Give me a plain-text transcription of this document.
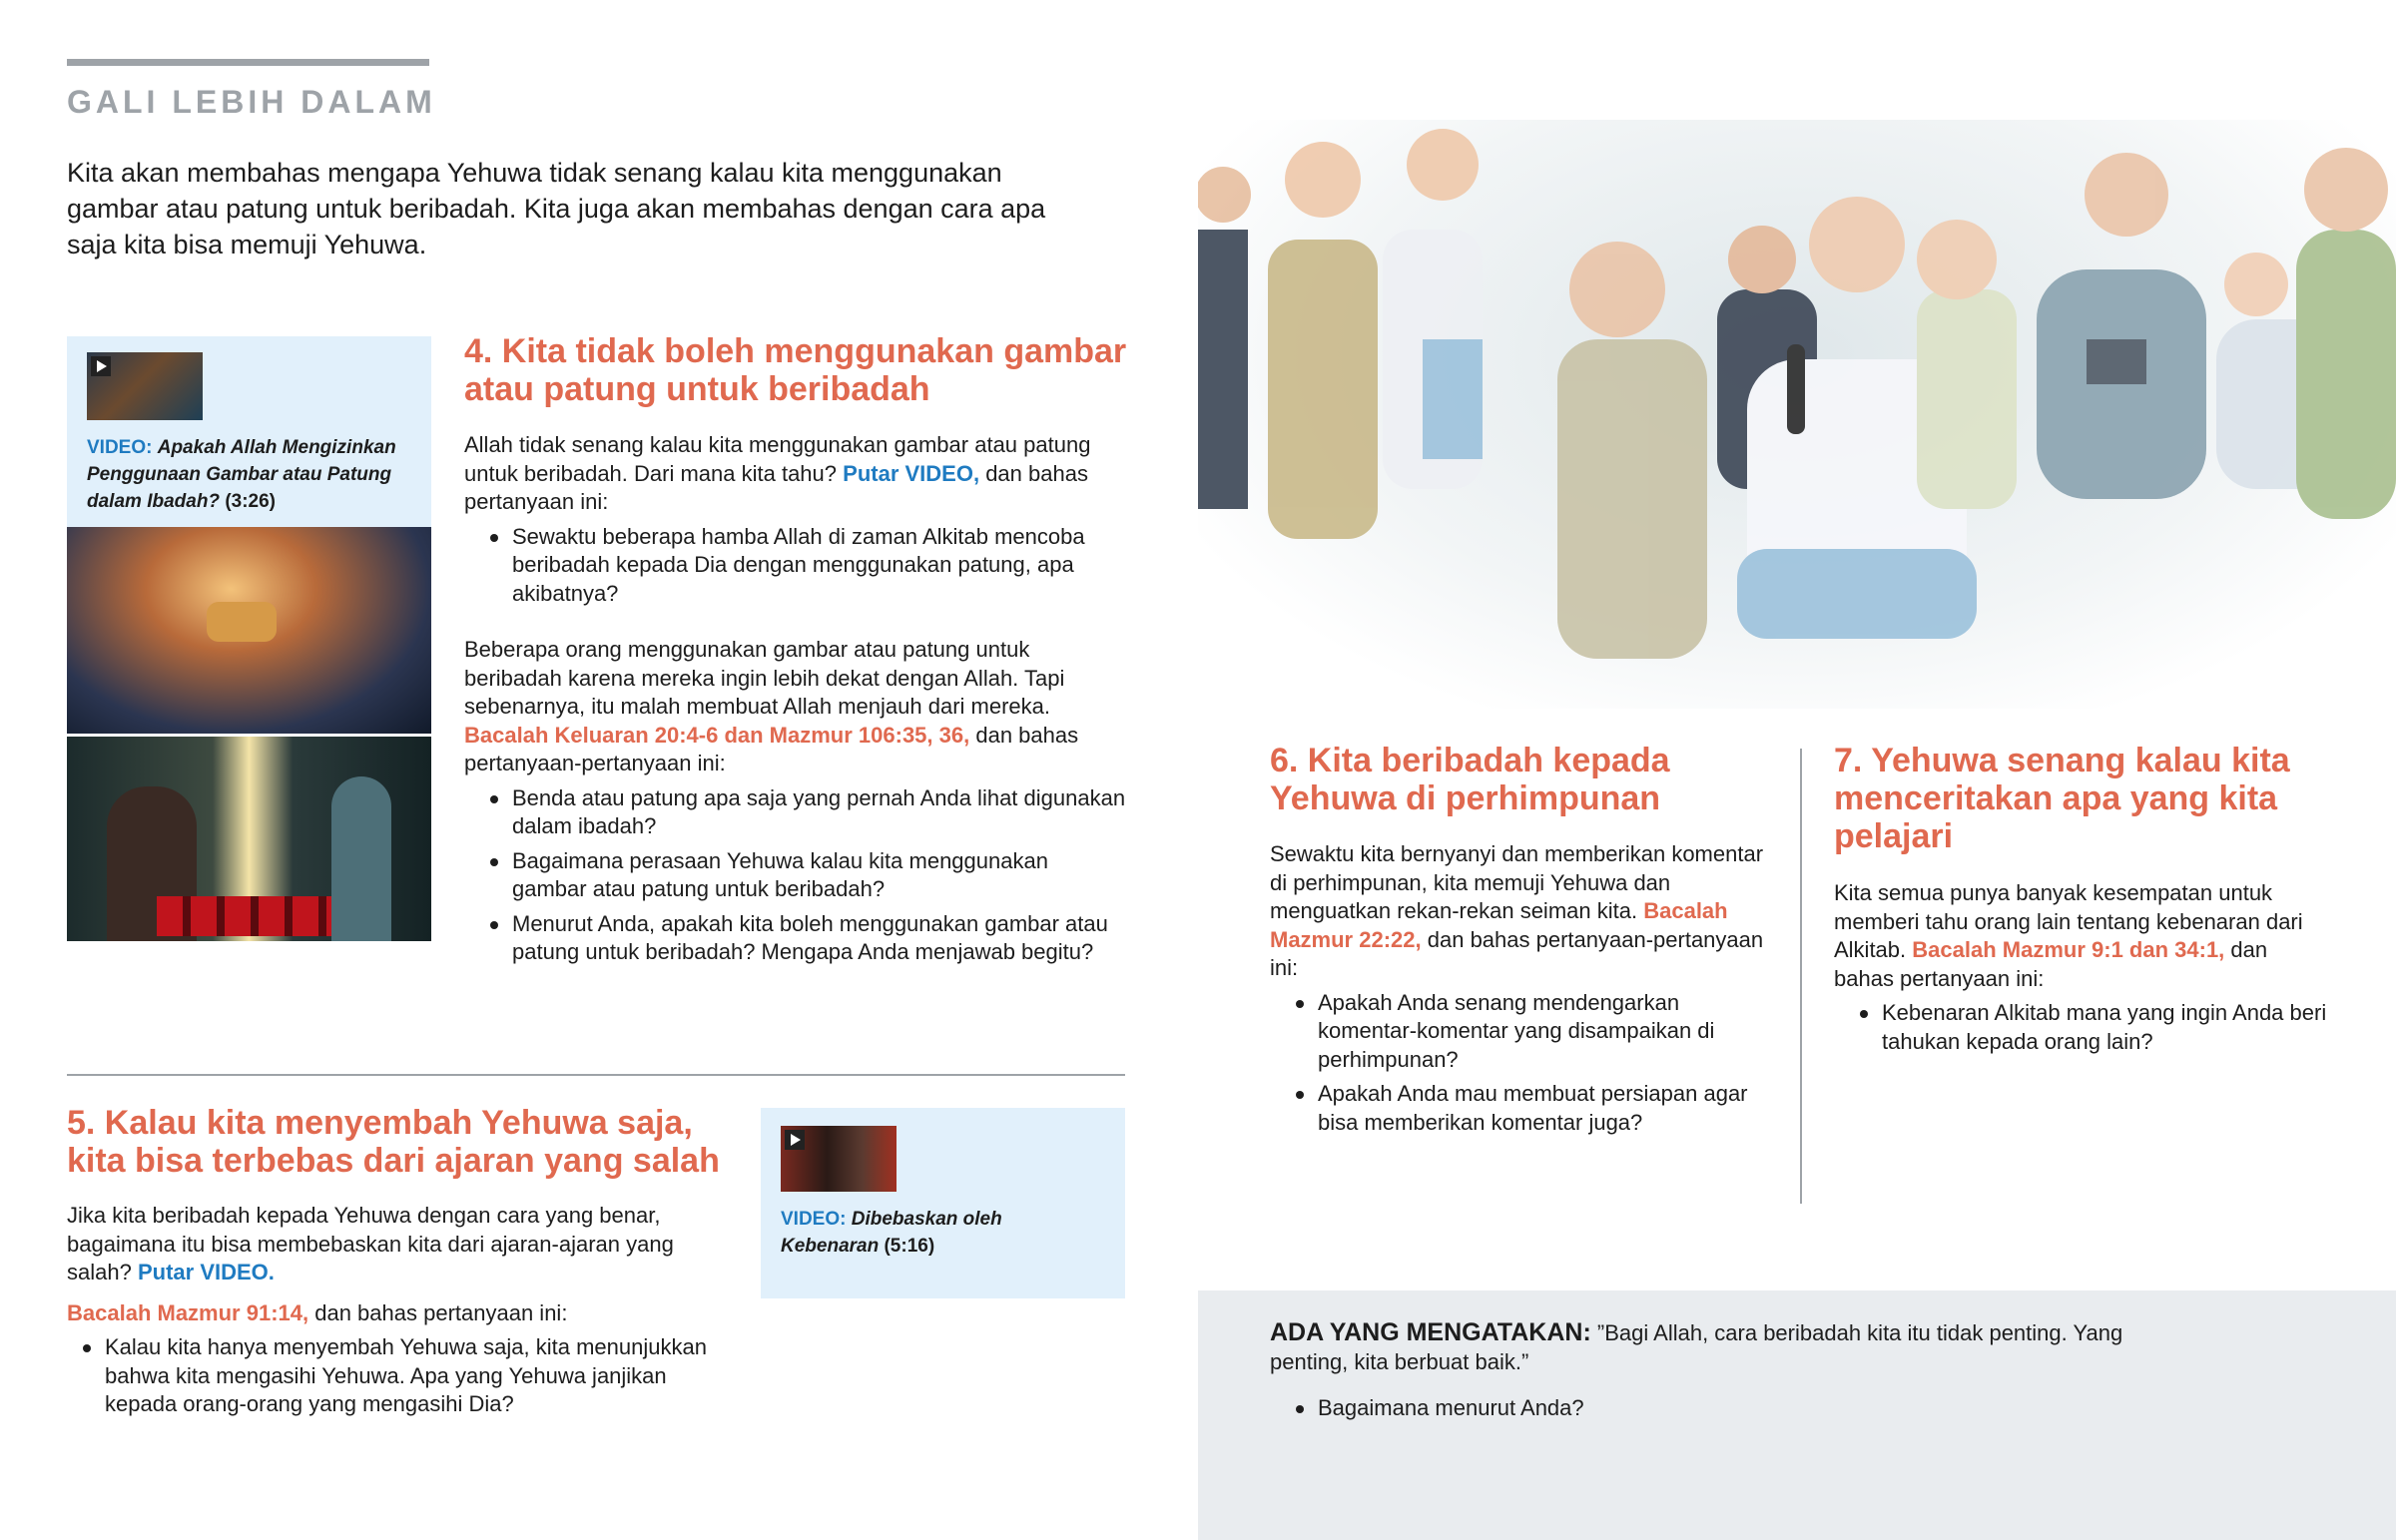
GALI LEBIH DALAM

Kita akan membahas mengapa Yehuwa tidak senang kalau kita menggunakan gambar atau patung untuk beribadah. Kita juga akan membahas dengan cara apa saja kita bisa memuji Yehuwa.

VIDEO: Apakah Allah Mengizinkan Penggunaan Gambar atau Patung dalam Ibadah? (3:26)

4. Kita tidak boleh menggunakan gambar atau patung untuk beribadah

Allah tidak senang kalau kita menggunakan gambar atau patung untuk beribadah. Dari mana kita tahu? Putar VIDEO, dan bahas pertanyaan ini:

Sewaktu beberapa hamba Allah di zaman Alkitab mencoba beribadah kepada Dia dengan menggunakan patung, apa akibatnya?

Beberapa orang menggunakan gambar atau patung untuk beribadah karena mereka ingin lebih dekat dengan Allah. Tapi sebenarnya, itu malah membuat Allah menjauh dari mereka. Bacalah Keluaran 20:4-6 dan Mazmur 106:35, 36, dan bahas pertanyaan-pertanyaan ini:

Benda atau patung apa saja yang pernah Anda lihat digunakan dalam ibadah?
Bagaimana perasaan Yehuwa kalau kita menggunakan gambar atau patung untuk beribadah?
Menurut Anda, apakah kita boleh menggunakan gambar atau patung untuk beribadah? Mengapa Anda menjawab begitu?
5. Kalau kita menyembah Yehuwa saja, kita bisa terbebas dari ajaran yang salah

Jika kita beribadah kepada Yehuwa dengan cara yang benar, bagaimana itu bisa membebaskan kita dari ajaran-ajaran yang salah? Putar VIDEO.

Bacalah Mazmur 91:14, dan bahas pertanyaan ini:

Kalau kita hanya menyembah Yehuwa saja, kita menunjukkan bahwa kita mengasihi Yehuwa. Apa yang Yehuwa janjikan kepada orang-orang yang mengasihi Dia?

VIDEO: Dibebaskan oleh Kebenaran (5:16)

6. Kita beribadah kepada Yehuwa di perhimpunan

Sewaktu kita bernyanyi dan memberikan komentar di perhimpunan, kita memuji Yehuwa dan menguatkan rekan-rekan seiman kita. Bacalah Mazmur 22:22, dan bahas pertanyaan-pertanyaan ini:

Apakah Anda senang mendengarkan komentar-komentar yang disampaikan di perhimpunan?
Apakah Anda mau membuat persiapan agar bisa memberikan komentar juga?
7. Yehuwa senang kalau kita menceritakan apa yang kita pelajari

Kita semua punya banyak kesempatan untuk memberi tahu orang lain tentang kebenaran dari Alkitab. Bacalah Mazmur 9:1 dan 34:1, dan bahas pertanyaan ini:

Kebenaran Alkitab mana yang ingin Anda beri tahukan kepada orang lain?

ADA YANG MENGATAKAN: ”Bagi Allah, cara beribadah kita itu tidak penting. Yang penting, kita berbuat baik.”

Bagaimana menurut Anda?
